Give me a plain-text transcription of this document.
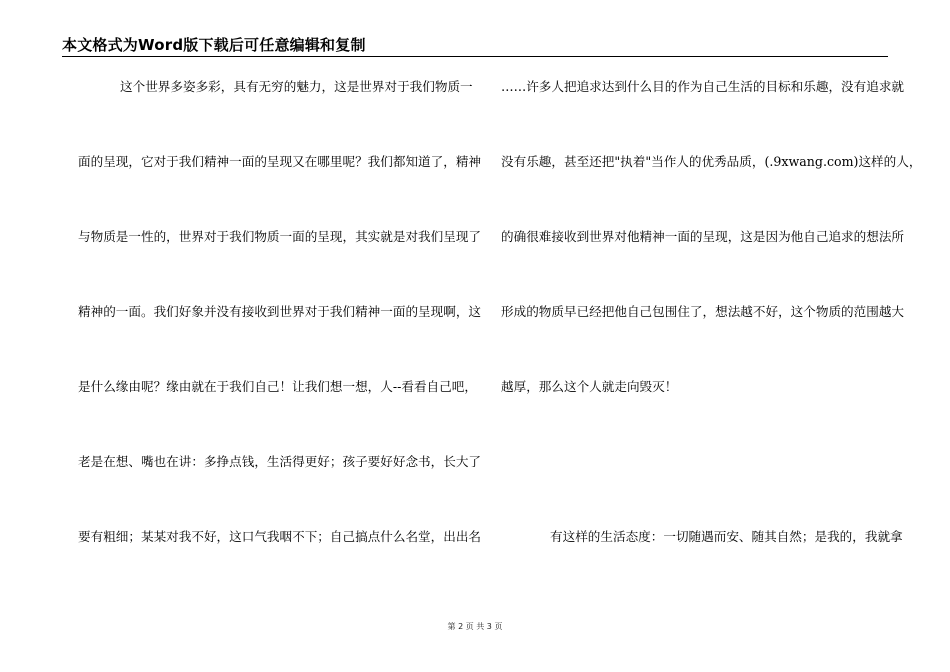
本文格式为Word版下载后可任意编辑和复制
这个世界多姿多彩，具有无穷的魅力，这是世界对于我们物质一
面的呈现，它对于我们精神一面的呈现又在哪里呢？我们都知道了，精神
与物质是一性的，世界对于我们物质一面的呈现，其实就是对我们呈现了
精神的一面。我们好象并没有接收到世界对于我们精神一面的呈现啊，这
是什么缘由呢？缘由就在于我们自己！让我们想一想，人--看看自己吧，
老是在想、嘴也在讲：多挣点钱，生活得更好；孩子要好好念书，长大了
要有粗细；某某对我不好，这口气我咽不下；自己搞点什么名堂，出出名
……许多人把追求达到什么目的作为自己生活的目标和乐趣，没有追求就
没有乐趣，甚至还把"执着"当作人的优秀品质，(.9xwang.com)这样的人，
的确很难接收到世界对他精神一面的呈现，这是因为他自己追求的想法所
形成的物质早已经把他自己包围住了，想法越不好，这个物质的范围越大
越厚，那么这个人就走向毁灭！
有这样的生活态度：一切随遇而安、随其自然；是我的，我就拿
第 2 页 共 3 页
